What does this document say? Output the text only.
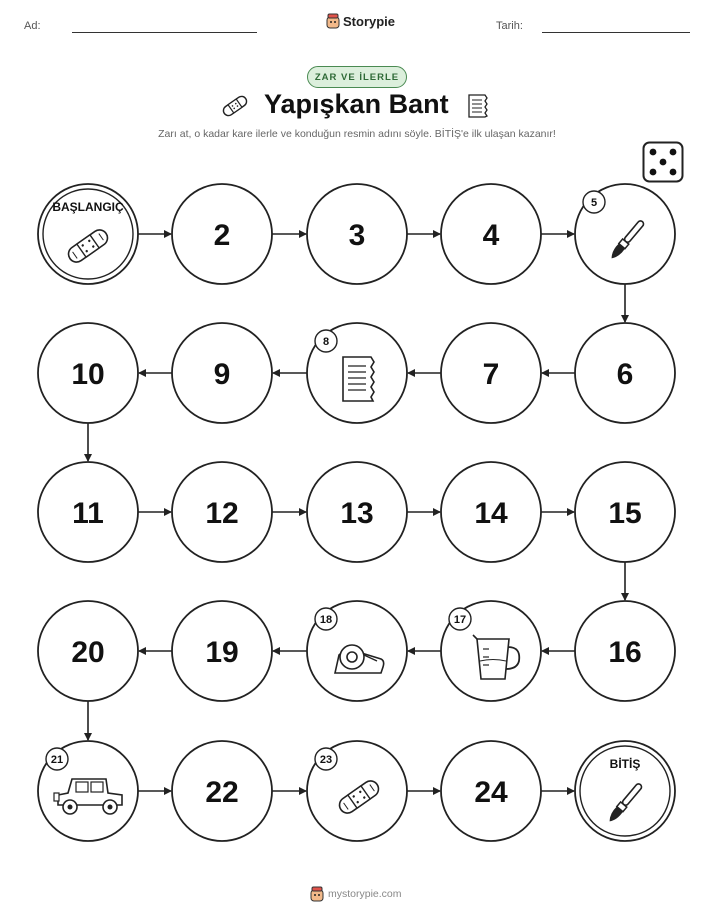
Ad:	Storypie	Tarih:
ZAR VE İLERLE
Yapışkan Bant
Zarı at, o kadar kare ilerle ve konduğun resmin adını söyle. BİTİŞ'e ilk ulaşan kazanır!
BAŞLANGIÇ
2	3	4
5
6
7
8
9
10
11	12	13	14	15
16
17
18
19
20
21
22
23
24
BİTİŞ
mystorypie.com
